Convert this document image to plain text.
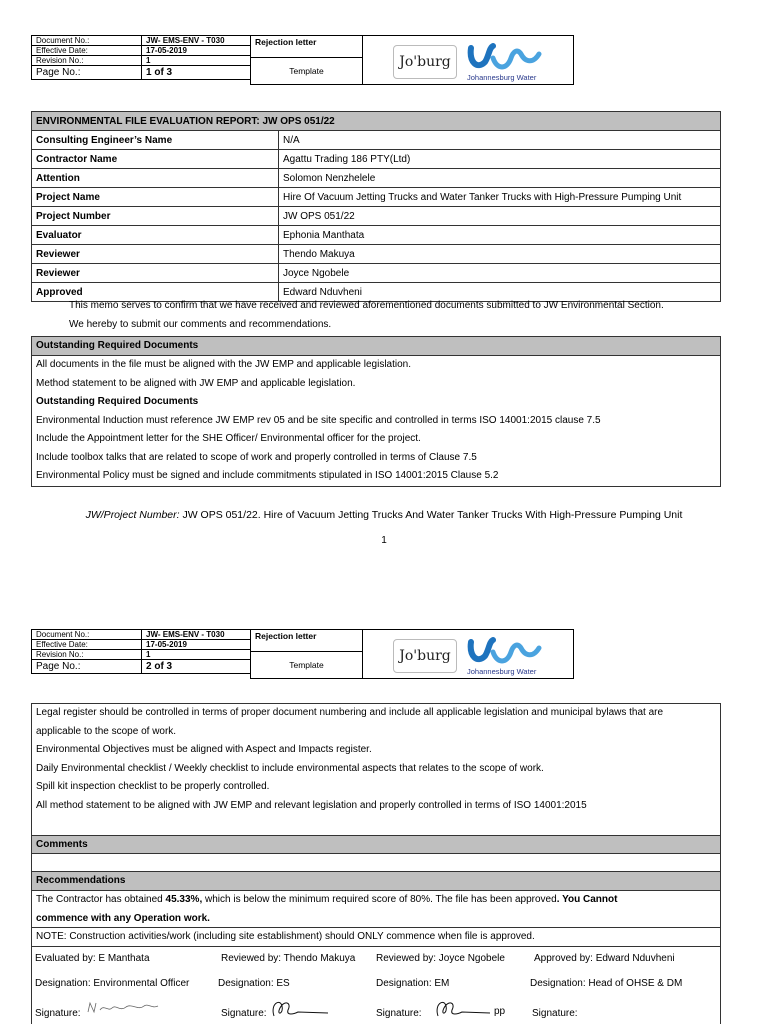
Document No.:	JW- EMS-ENV - T030
Effective Date:	17-05-2019
Revision No.:	1
Page No.:	1 of 3
Rejection letter
Template
Jo'burg
Johannesburg Water
ENVIRONMENTAL FILE EVALUATION REPORT: JW OPS 051/22	
Consulting Engineer’s Name	N/A
Contractor Name	Agattu Trading 186 PTY(Ltd)
Attention	Solomon Nenzhelele
Project Name	Hire Of Vacuum Jetting Trucks and Water Tanker Trucks with High-Pressure Pumping Unit
Project Number	JW OPS 051/22
Evaluator	Ephonia Manthata
Reviewer	Thendo Makuya
Reviewer	Joyce Ngobele
Approved	Edward Nduvheni
This memo serves to confirm that we have received and reviewed aforementioned documents submitted to JW Environmental Section.
We hereby to submit our comments and recommendations.
Outstanding Required Documents
All documents in the file must be aligned with the JW EMP and applicable legislation.
Method statement to be aligned with JW EMP and applicable legislation.
Outstanding Required Documents
Environmental Induction must reference JW EMP rev 05 and be site specific and controlled in terms ISO 14001:2015 clause 7.5
Include the Appointment letter for the SHE Officer/ Environmental officer for the project.
Include toolbox talks that are related to scope of work and properly controlled in terms of Clause 7.5
Environmental Policy must be signed and include commitments stipulated in ISO 14001:2015 Clause 5.2
JW/Project Number: JW OPS 051/22. Hire of Vacuum Jetting Trucks And Water Tanker Trucks With High-Pressure Pumping Unit
1
Document No.:	JW- EMS-ENV - T030
Effective Date:	17-05-2019
Revision No.:	1
Page No.:	2 of 3
Rejection letter
Template
Jo'burg
Johannesburg Water
Legal register should be controlled in terms of proper document numbering and include all applicable legislation and municipal bylaws that are
applicable to the scope of work.
Environmental Objectives must be aligned with Aspect and Impacts register.
Daily Environmental checklist / Weekly checklist to include environmental aspects that relates to the scope of work.
Spill kit inspection checklist to be properly controlled.
All method statement to be aligned with JW EMP and relevant legislation and properly controlled in terms of ISO 14001:2015
Comments
Recommendations
The Contractor has obtained 45.33%, which is below the minimum required score of 80%. The file has been approved. You Cannot
commence with any Operation work.
NOTE: Construction activities/work (including site establishment) should ONLY commence when file is approved.
Evaluated by: E Manthata	Reviewed by: Thendo Makuya Reviewed by: Joyce Ngobele	Approved by: Edward Nduvheni
Designation: Environmental Officer	Designation: ES	Designation: EM	Designation: Head of OHSE & DM
Signature:	Signature:	Signature:	pp	Signature:
